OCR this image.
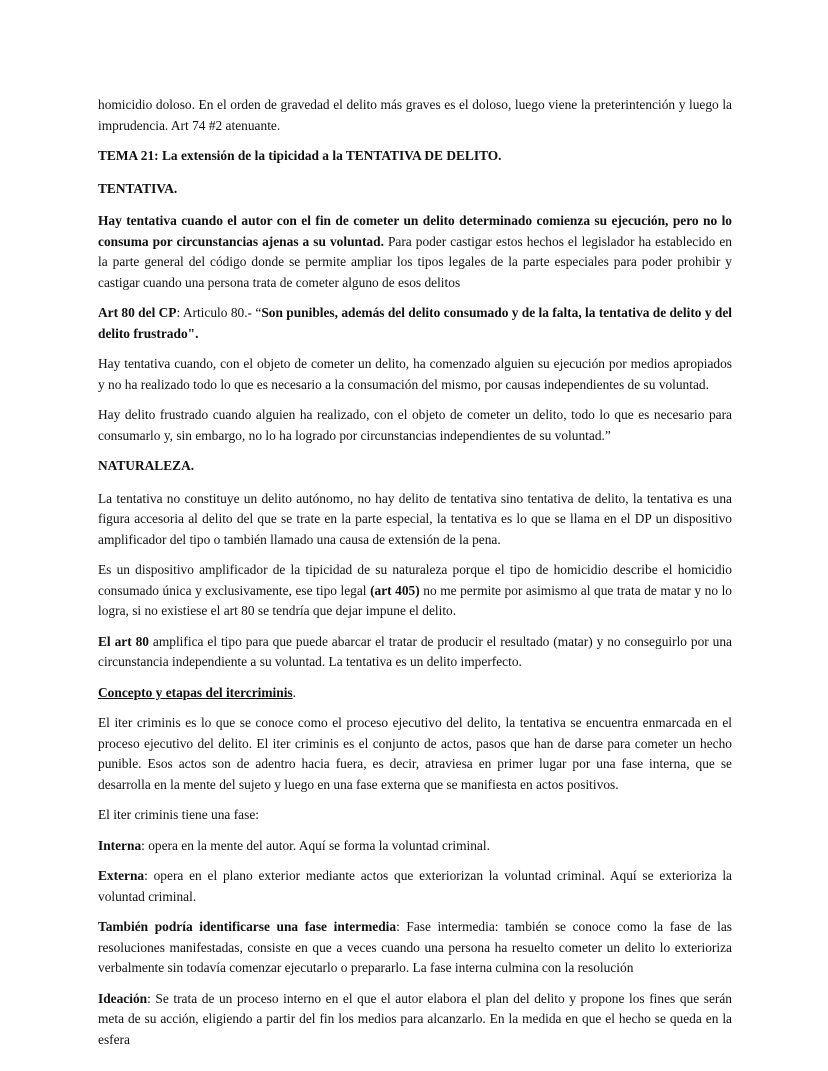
homicidio doloso. En el orden de gravedad el delito más graves es el doloso, luego viene la preterintención y luego la imprudencia. Art 74 #2 atenuante.

TEMA 21: La extensión de la tipicidad a la TENTATIVA DE DELITO.

TENTATIVA.

Hay tentativa cuando el autor con el fin de cometer un delito determinado comienza su ejecución, pero no lo consuma por circunstancias ajenas a su voluntad. Para poder castigar estos hechos el legislador ha establecido en la parte general del código donde se permite ampliar los tipos legales de la parte especiales para poder prohibir y castigar cuando una persona trata de cometer alguno de esos delitos

Art 80 del CP: Articulo 80.- “Son punibles, además del delito consumado y de la falta, la tentativa de delito y del delito frustrado".

Hay tentativa cuando, con el objeto de cometer un delito, ha comenzado alguien su ejecución por medios apropiados y no ha realizado todo lo que es necesario a la consumación del mismo, por causas independientes de su voluntad.

Hay delito frustrado cuando alguien ha realizado, con el objeto de cometer un delito, todo lo que es necesario para consumarlo y, sin embargo, no lo ha logrado por circunstancias independientes de su voluntad.”

NATURALEZA.

La tentativa no constituye un delito autónomo, no hay delito de tentativa sino tentativa de delito, la tentativa es una figura accesoria al delito del que se trate en la parte especial, la tentativa es lo que se llama en el DP un dispositivo amplificador del tipo o también llamado una causa de extensión de la pena.

Es un dispositivo amplificador de la tipicidad de su naturaleza porque el tipo de homicidio describe el homicidio consumado única y exclusivamente, ese tipo legal (art 405) no me permite por asimismo al que trata de matar y no lo logra, si no existiese el art 80 se tendría que dejar impune el delito.

El art 80 amplifica el tipo para que puede abarcar el tratar de producir el resultado (matar) y no conseguirlo por una circunstancia independiente a su voluntad. La tentativa es un delito imperfecto.

Concepto y etapas del itercriminis.

El iter criminis es lo que se conoce como el proceso ejecutivo del delito, la tentativa se encuentra enmarcada en el proceso ejecutivo del delito. El iter criminis es el conjunto de actos, pasos que han de darse para cometer un hecho punible. Esos actos son de adentro hacia fuera, es decir, atraviesa en primer lugar por una fase interna, que se desarrolla en la mente del sujeto y luego en una fase externa que se manifiesta en actos positivos.

El iter criminis tiene una fase:

Interna: opera en la mente del autor. Aquí se forma la voluntad criminal.

Externa: opera en el plano exterior mediante actos que exteriorizan la voluntad criminal. Aquí se exterioriza la voluntad criminal.

También podría identificarse una fase intermedia: Fase intermedia: también se conoce como la fase de las resoluciones manifestadas, consiste en que a veces cuando una persona ha resuelto cometer un delito lo exterioriza verbalmente sin todavía comenzar ejecutarlo o prepararlo. La fase interna culmina con la resolución

Ideación: Se trata de un proceso interno en el que el autor elabora el plan del delito y propone los fines que serán meta de su acción, eligiendo a partir del fin los medios para alcanzarlo. En la medida en que el hecho se queda en la esfera
